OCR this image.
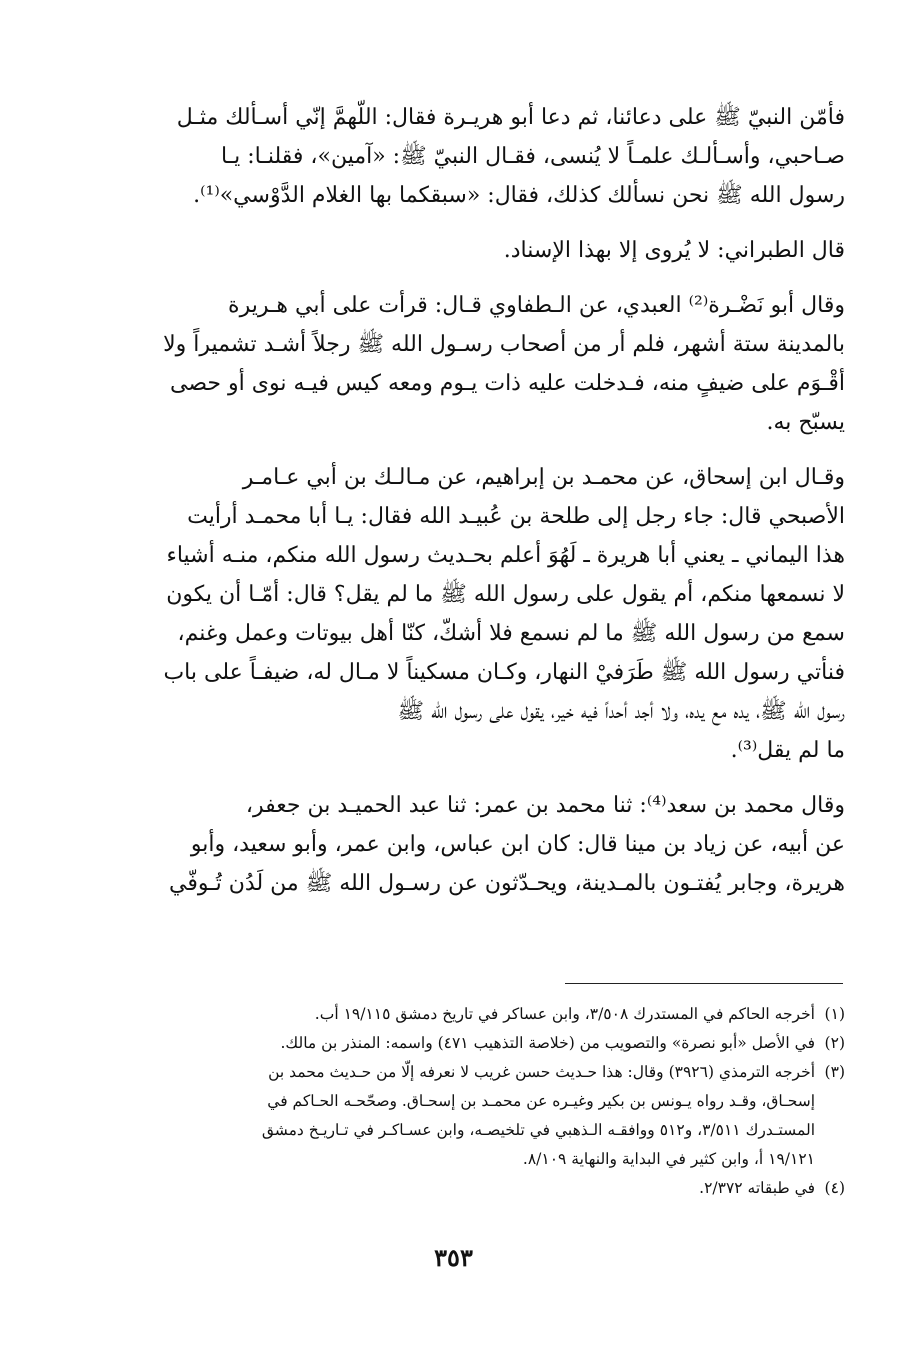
فأمّن النبيّ ﷺ على دعائنا، ثم دعا أبو هريـرة فقال: اللّهمَّ إنّي أسـألك مثـل
صـاحبي، وأسـألـك علمـاً لا يُنسى، فقـال النبيّ ﷺ: «آمين»، فقلنـا: يـا
رسول الله ﷺ نحن نسألك كذلك، فقال: «سبقكما بها الغلام الدَّوْسي»⁽¹⁾.

قال الطبراني: لا يُروى إلا بهذا الإسناد.

وقال أبو نَضْـرة⁽²⁾ العبدي، عن الـطفاوي قـال: قرأت على أبي هـريرة
بالمدينة ستة أشهر، فلم أر من أصحاب رسـول الله ﷺ رجلاً أشـد تشميراً ولا
أقْـوَم على ضيفٍ منه، فـدخلت عليه ذات يـوم ومعه كيس فيـه نوى أو حصى
يسبّح به.

وقـال ابن إسحاق، عن محمـد بن إبراهيم، عن مـالـك بن أبي عـامـر
الأصبحي قال: جاء رجل إلى طلحة بن عُبيـد الله فقال: يـا أبا محمـد أرأيت
هذا اليماني ـ يعني أبا هريرة ـ لَهُوَ أعلم بحـديث رسول الله منكم، منـه أشياء
لا نسمعها منكم، أم يقول على رسول الله ﷺ ما لم يقل؟ قال: أمّـا أن يكون
سمع من رسول الله ﷺ ما لم نسمع فلا أشكّ، كنّا أهل بيوتات وعمل وغنم،
فنأتي رسول الله ﷺ طَرَفيْ النهار، وكـان مسكيناً لا مـال له، ضيفـاً على باب
رسول الله ﷺ، يده مع يده، ولا أجد أحداً فيه خير، يقول على رسول الله ﷺ
ما لم يقل⁽³⁾.

وقال محمد بن سعد⁽⁴⁾: ثنا محمد بن عمر: ثنا عبد الحميـد بن جعفر،
عن أبيه، عن زياد بن مينا قال: كان ابن عباس، وابن عمر، وأبو سعيد، وأبو
هريرة، وجابر يُفتـون بالمـدينة، ويحـدّثون عن رسـول الله ﷺ من لَدُن تُـوفّي

(١)
أخرجه الحاكم في المستدرك ٣/٥٠٨، وابن عساكر في تاريخ دمشق ١٩/١١٥ أب.
(٢)
في الأصل «أبو نصرة» والتصويب من (خلاصة التذهيب ٤٧١) واسمه: المنذر بن مالك.
(٣)
أخرجه الترمذي (٣٩٢٦) وقال: هذا حـديث حسن غريب لا نعرفه إلّا من حـديث محمد بن
إسحـاق، وقـد رواه يـونس بن بكير وغيـره عن محمـد بن إسحـاق. وصحّحـه الحـاكم في
المستـدرك ٣/٥١١، و٥١٢ ووافقـه الـذهبي في تلخيصـه، وابن عسـاكـر في تـاريـخ دمشق
١٩/١٢١ أ، وابن كثير في البداية والنهاية ٨/١٠٩.
(٤)
في طبقاته ٢/٣٧٢.
٣٥٣
